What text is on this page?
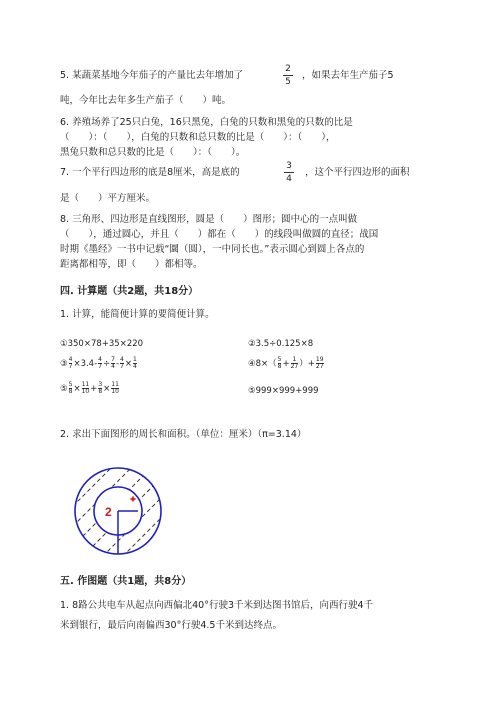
5. 某蔬菜基地今年茄子的产量比去年增加了
2
5
，如果去年生产茄子5
吨，今年比去年多生产茄子（　　）吨。
6. 养殖场养了25只白兔，16只黑兔，白兔的只数和黑兔的只数的比是
（　　）：（　　），白兔的只数和总只数的比是（　　）：（　　），
黑兔只数和总只数的比是（　　）：（　　）。
7. 一个平行四边形的底是8厘米，高是底的
3
4
，这个平行四边形的面积
是（　　）平方厘米。
8. 三角形、四边形是直线图形，圆是（　　）图形；圆中心的一点叫做
（　　），通过圆心，并且（　　）都在（　　）的线段叫做圆的直径；战国
时期《墨经》一书中记载“圜（圆），一中同长也。”表示圆心到圆上各点的
距离都相等，即（　　）都相等。
四. 计算题（共2题，共18分）
1. 计算，能简便计算的要简便计算。
①350×78+35×220	②3.5÷0.125×8
③ $\frac{4}{7} \times 3.4- \frac{4}{7} \div \frac{7}{4} - \frac{4}{7} \times \frac{1}{4}$	④8×（ $\frac{5}{8} + \frac{1}{27}$ ）+ $\frac{19}{27}$
⑤ $\frac{5}{8} \times \frac{11}{10} + \frac{3}{8} \times \frac{11}{10}$	⑤999×999+999
2. 求出下面图形的周长和面积。（单位：厘米）（π=3.14）
2
五. 作图题（共1题，共8分）
1. 8路公共电车从起点向西偏北40°行驶3千米到达图书馆后，向西行驶4千
米到银行，最后向南偏西30°行驶4.5千米到达终点。
